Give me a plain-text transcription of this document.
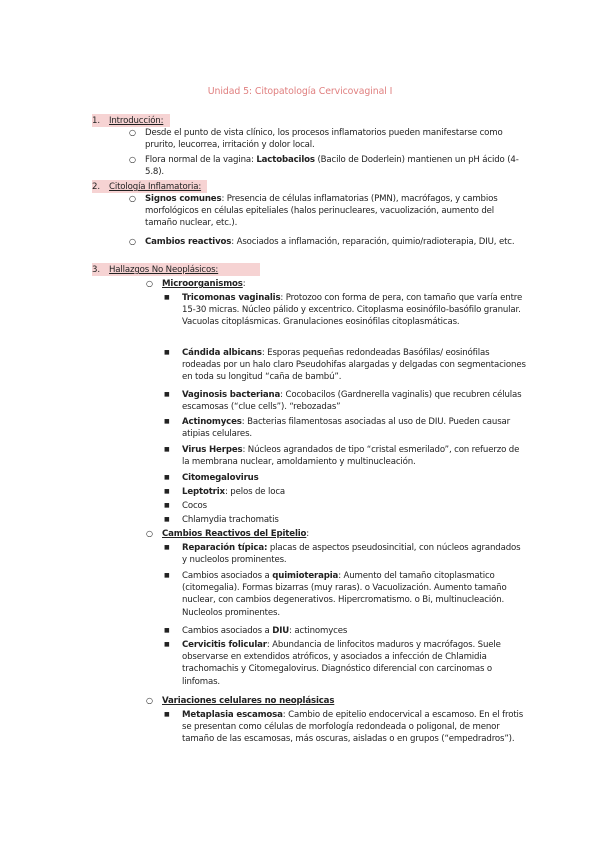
Unidad 5: Citopatología Cervicovaginal I
1.	Introducción:
○ Desde el punto de vista clínico, los procesos inflamatorios pueden manifestarse como prurito, leucorrea, irritación y dolor local.
○ Flora normal de la vagina: Lactobacilos (Bacilo de Doderlein) mantienen un pH ácido (4-5.8).
2.	Citología Inflamatoria:
○ Signos comunes: Presencia de células inflamatorias (PMN), macrófagos, y cambios morfológicos en células epiteliales (halos perinucleares, vacuolización, aumento del tamaño nuclear, etc.).
○ Cambios reactivos: Asociados a inflamación, reparación, quimio/radioterapia, DIU, etc.
3.	Hallazgos No Neoplásicos:
○ Microorganismos:
■ Tricomonas vaginalis: Protozoo con forma de pera, con tamaño que varía entre 15-30 micras. Núcleo pálido y excentrico. Citoplasma eosinófilo-basófilo granular. Vacuolas citoplásmicas. Granulaciones eosinófilas citoplasmáticas.
■ Cándida albicans: Esporas pequeñas redondeadas Basófilas/ eosinófilas rodeadas por un halo claro Pseudohifas alargadas y delgadas con segmentaciones en toda su longitud “caña de bambú”.
■ Vaginosis bacteriana: Cocobacilos (Gardnerella vaginalis) que recubren células escamosas (“clue cells”). “rebozadas”
■ Actinomyces: Bacterias filamentosas asociadas al uso de DIU. Pueden causar atipias celulares.
■ Virus Herpes: Núcleos agrandados de tipo “cristal esmerilado”, con refuerzo de la membrana nuclear, amoldamiento y multinucleación.
■ Citomegalovirus
■ Leptotrix: pelos de loca
■ Cocos
■ Chlamydia trachomatis
○ Cambios Reactivos del Epitelio:
■ Reparación típica: placas de aspectos pseudosincitial, con núcleos agrandados y nucleolos prominentes.
■ Cambios asociados a quimioterapia: Aumento del tamaño citoplasmatico (citomegalia). Formas bizarras (muy raras). o Vacuolización. Aumento tamaño nuclear, con cambios degenerativos. Hipercromatismo. o Bi, multinucleación. Nucleolos prominentes.
■ Cambios asociados a DIU: actinomyces
■ Cervicitis folicular: Abundancia de linfocitos maduros y macrófagos. Suele observarse en extendidos atróficos, y asociados a infección de Chlamidia trachomachis y Citomegalovirus. Diagnóstico diferencial con carcinomas o linfomas.
○ Variaciones celulares no neoplásicas
■ Metaplasia escamosa: Cambio de epitelio endocervical a escamoso. En el frotis se presentan como células de morfología redondeada o poligonal, de menor tamaño de las escamosas, más oscuras, aisladas o en grupos (“empedradros”).
